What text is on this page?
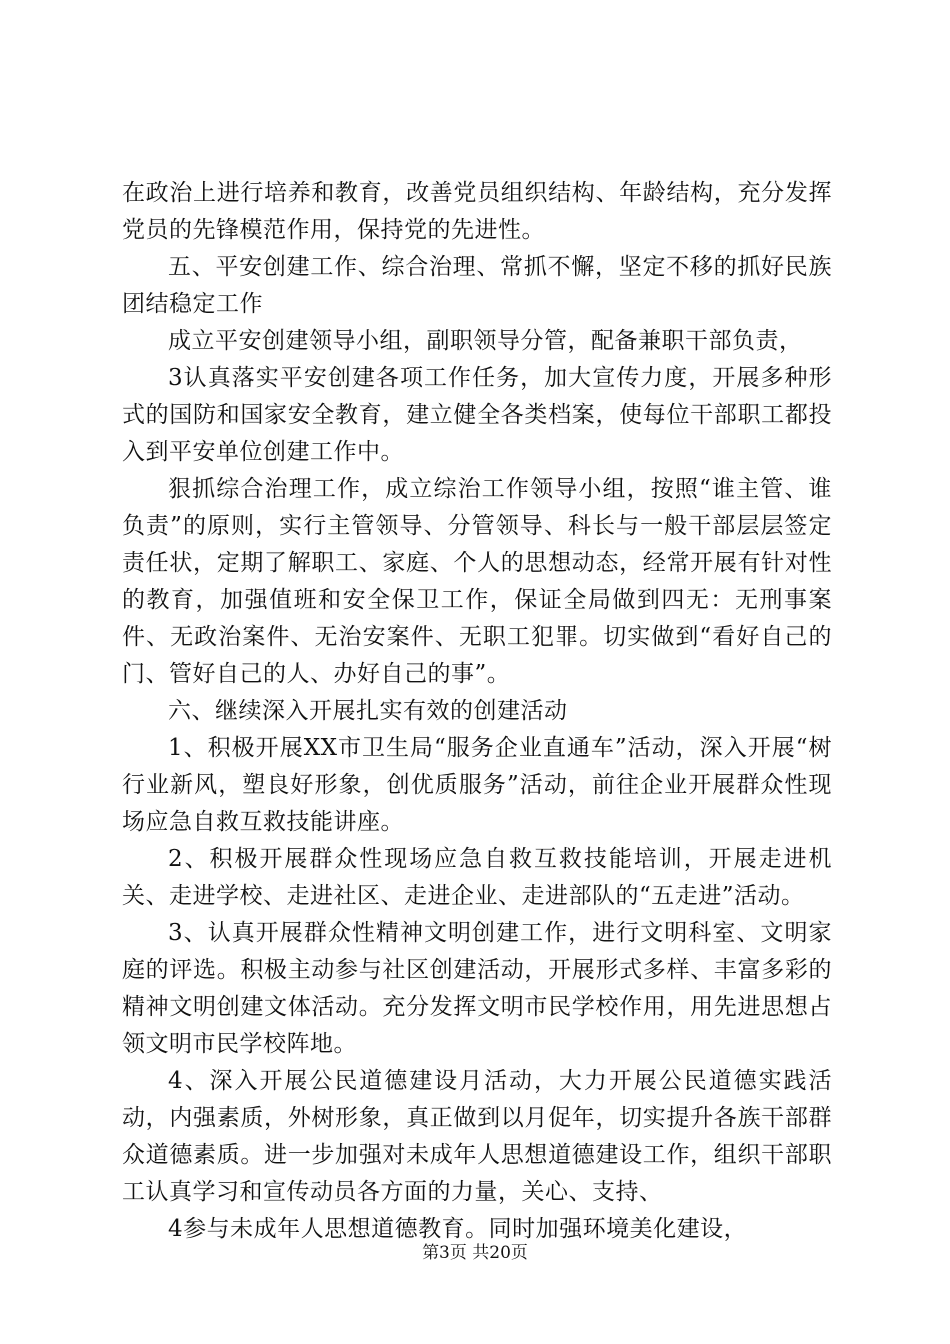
在政治上进行培养和教育，改善党员组织结构、年龄结构，充分发挥党员的先锋模范作用，保持党的先进性。

五、平安创建工作、综合治理、常抓不懈，坚定不移的抓好民族团结稳定工作

成立平安创建领导小组，副职领导分管，配备兼职干部负责，

3认真落实平安创建各项工作任务，加大宣传力度，开展多种形式的国防和国家安全教育，建立健全各类档案，使每位干部职工都投入到平安单位创建工作中。

狠抓综合治理工作，成立综治工作领导小组，按照“谁主管、谁负责”的原则，实行主管领导、分管领导、科长与一般干部层层签定责任状，定期了解职工、家庭、个人的思想动态，经常开展有针对性的教育，加强值班和安全保卫工作，保证全局做到四无：无刑事案件、无政治案件、无治安案件、无职工犯罪。切实做到“看好自己的门、管好自己的人、办好自己的事”。

六、继续深入开展扎实有效的创建活动

1、积极开展XX市卫生局“服务企业直通车”活动，深入开展“树行业新风，塑良好形象，创优质服务”活动，前往企业开展群众性现场应急自救互救技能讲座。

2、积极开展群众性现场应急自救互救技能培训，开展走进机关、走进学校、走进社区、走进企业、走进部队的“五走进”活动。

3、认真开展群众性精神文明创建工作，进行文明科室、文明家庭的评选。积极主动参与社区创建活动，开展形式多样、丰富多彩的精神文明创建文体活动。充分发挥文明市民学校作用，用先进思想占领文明市民学校阵地。

4、深入开展公民道德建设月活动，大力开展公民道德实践活动，内强素质，外树形象，真正做到以月促年，切实提升各族干部群众道德素质。进一步加强对未成年人思想道德建设工作，组织干部职工认真学习和宣传动员各方面的力量，关心、支持、

4参与未成年人思想道德教育。同时加强环境美化建设，

第3页 共20页
